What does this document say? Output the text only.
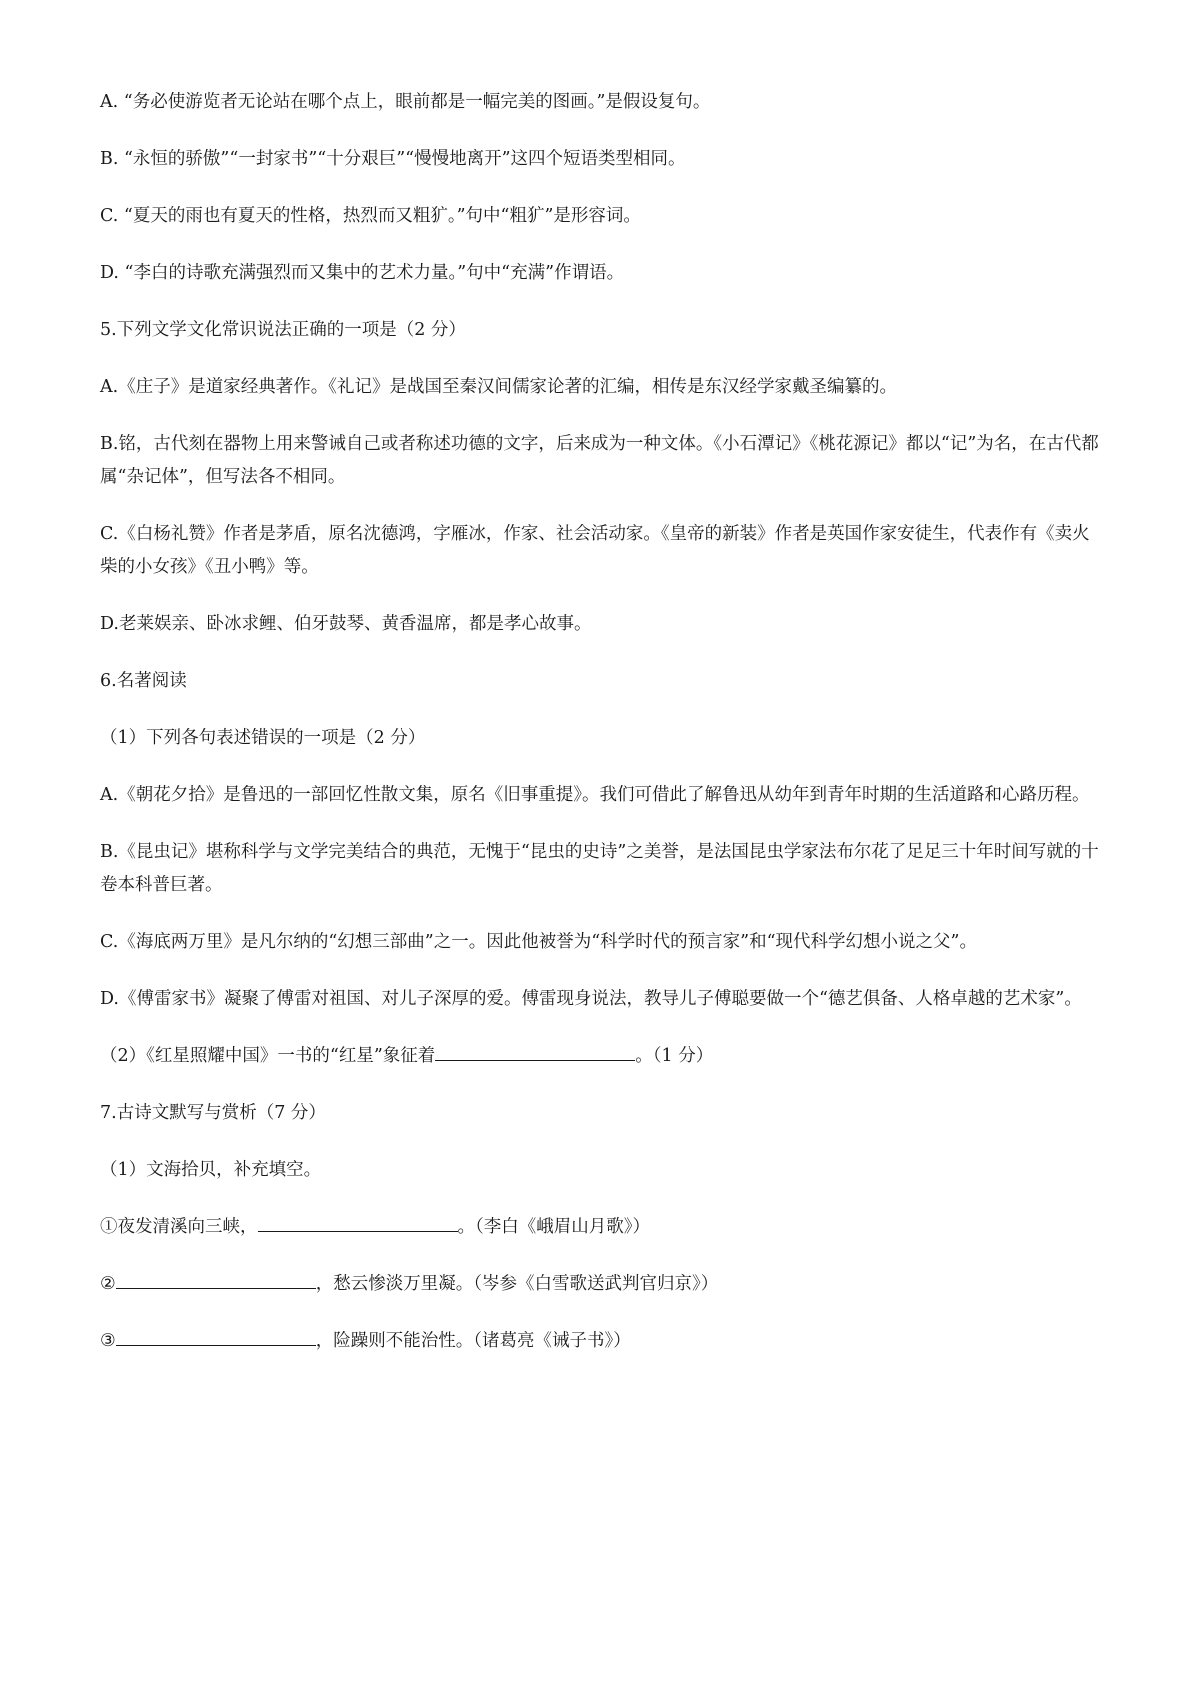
A. “务必使游览者无论站在哪个点上，眼前都是一幅完美的图画。”是假设复句。

B. “永恒的骄傲”“一封家书”“十分艰巨”“慢慢地离开”这四个短语类型相同。

C. “夏天的雨也有夏天的性格，热烈而又粗犷。”句中“粗犷”是形容词。

D. “李白的诗歌充满强烈而又集中的艺术力量。”句中“充满”作谓语。

5.下列文学文化常识说法正确的一项是（2 分）

A.《庄子》是道家经典著作。《礼记》是战国至秦汉间儒家论著的汇编，相传是东汉经学家戴圣编纂的。

B.铭，古代刻在器物上用来警诫自己或者称述功德的文字，后来成为一种文体。《小石潭记》《桃花源记》都以“记”为名，在古代都属“杂记体”，但写法各不相同。

C.《白杨礼赞》作者是茅盾，原名沈德鸿，字雁冰，作家、社会活动家。《皇帝的新装》作者是英国作家安徒生，代表作有《卖火柴的小女孩》《丑小鸭》等。

D.老莱娱亲、卧冰求鲤、伯牙鼓琴、黄香温席，都是孝心故事。

6.名著阅读

（1）下列各句表述错误的一项是（2 分）

A.《朝花夕拾》是鲁迅的一部回忆性散文集，原名《旧事重提》。我们可借此了解鲁迅从幼年到青年时期的生活道路和心路历程。

B.《昆虫记》堪称科学与文学完美结合的典范，无愧于“昆虫的史诗”之美誉，是法国昆虫学家法布尔花了足足三十年时间写就的十卷本科普巨著。

C.《海底两万里》是凡尔纳的“幻想三部曲”之一。因此他被誉为“科学时代的预言家”和“现代科学幻想小说之父”。

D.《傅雷家书》凝聚了傅雷对祖国、对儿子深厚的爱。傅雷现身说法，教导儿子傅聪要做一个“德艺俱备、人格卓越的艺术家”。

（2）《红星照耀中国》一书的“红星”象征着	。（1 分）

7.古诗文默写与赏析（7 分）

（1）文海拾贝，补充填空。

①夜发清溪向三峡，	。（李白《峨眉山月歌》）

②	，愁云惨淡万里凝。（岑参《白雪歌送武判官归京》）

③	，险躁则不能治性。（诸葛亮《诫子书》）
